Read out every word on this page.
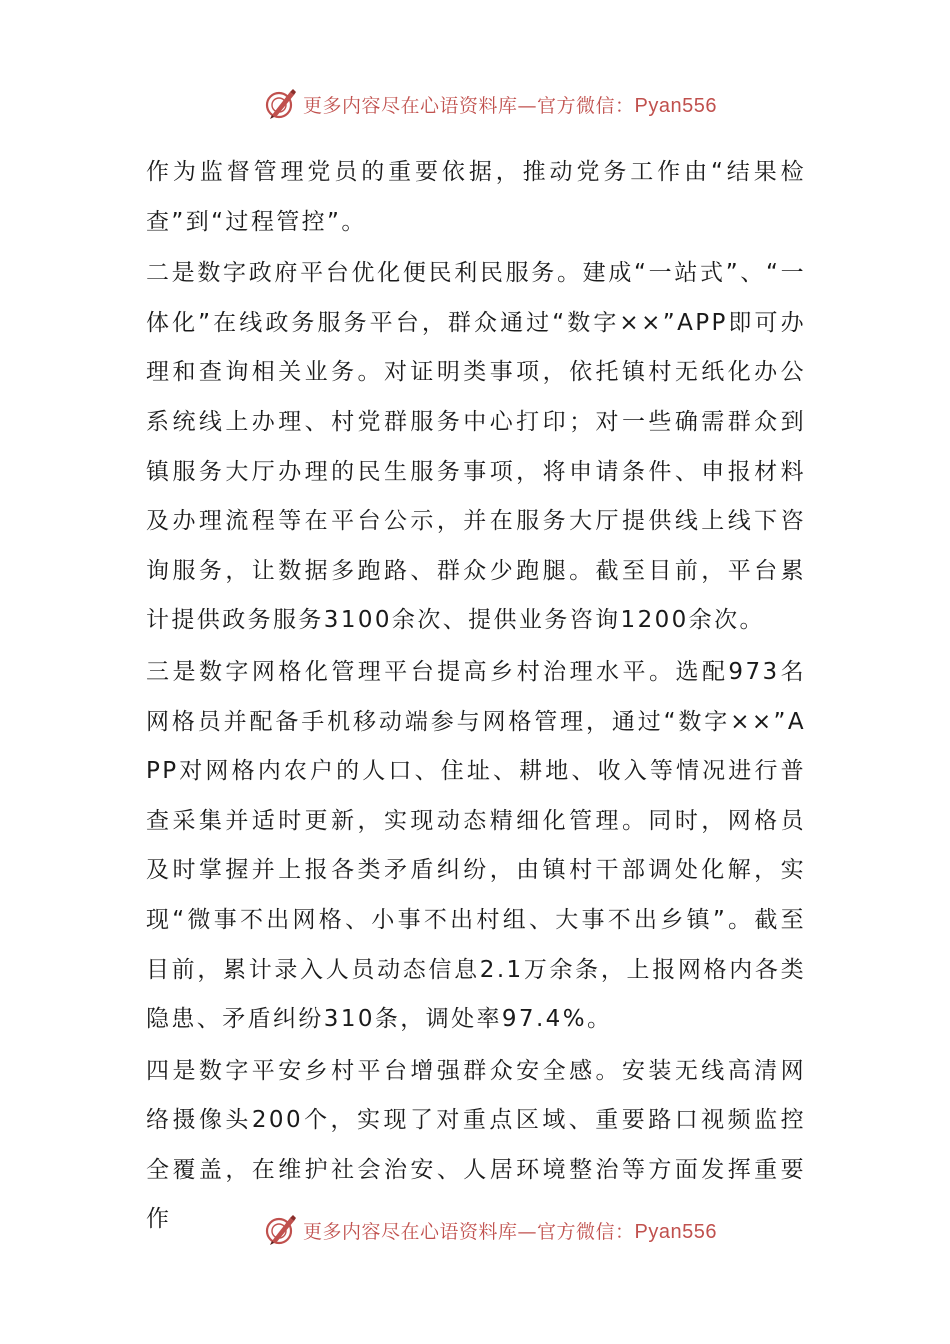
更多内容尽在心语资料库—官方微信：Pyan556

作为监督管理党员的重要依据，推动党务工作由“结果检查”到“过程管控”。

二是数字政府平台优化便民利民服务。建成“一站式”、“一体化”在线政务服务平台，群众通过“数字××”APP即可办理和查询相关业务。对证明类事项，依托镇村无纸化办公系统线上办理、村党群服务中心打印；对一些确需群众到镇服务大厅办理的民生服务事项，将申请条件、申报材料及办理流程等在平台公示，并在服务大厅提供线上线下咨询服务，让数据多跑路、群众少跑腿。截至目前，平台累计提供政务服务3100余次、提供业务咨询1200余次。

三是数字网格化管理平台提高乡村治理水平。选配973名网格员并配备手机移动端参与网格管理，通过“数字××”APP对网格内农户的人口、住址、耕地、收入等情况进行普查采集并适时更新，实现动态精细化管理。同时，网格员及时掌握并上报各类矛盾纠纷，由镇村干部调处化解，实现“微事不出网格、小事不出村组、大事不出乡镇”。截至目前，累计录入人员动态信息2.1万余条，上报网格内各类隐患、矛盾纠纷310条，调处率97.4%。

四是数字平安乡村平台增强群众安全感。安装无线高清网络摄像头200个，实现了对重点区域、重要路口视频监控全覆盖，在维护社会治安、人居环境整治等方面发挥重要作	更多内容尽在心语资料库—官方微信：Pyan556
